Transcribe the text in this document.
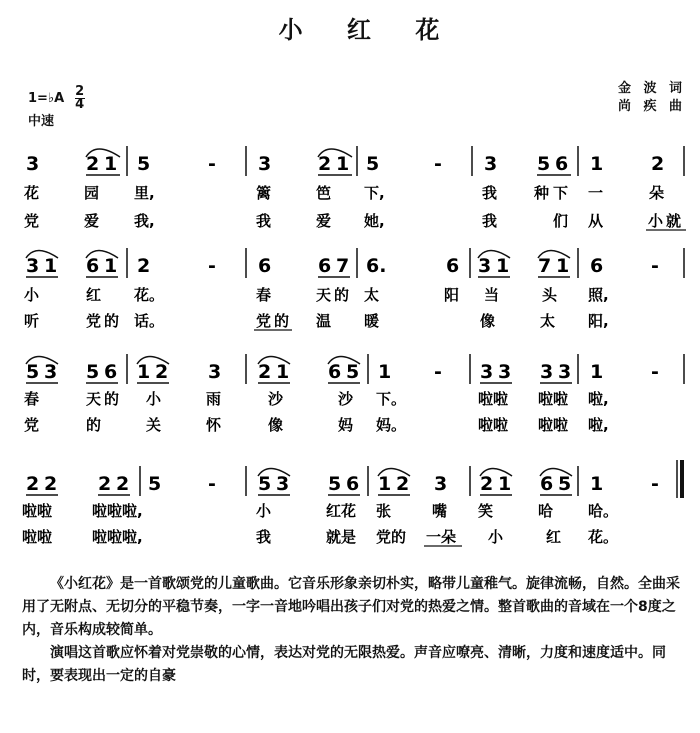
小 红 花
1=♭A $\frac{2}{4}$
中速
金 波 词
尚 疾 曲
3 2 1 5	- 3 2 1 5	- 3 5 6 1	2
花	园 里,	篱	笆 下,	我 种 下 一	朵
党	爱 我,	我	爱 她,	我	们 从	小 就
3 1 6 1 2	- 6 6 7 6.	6 3 1 7 1 6	-
小	红 花。	春	天 的 太	阳 当	头 照,
听	党 的 话。	党 的 温 暖	像	太 阳,
5 3 5 6 1 2 3 2 1 6 5 1 - 3 3 3 3 1	-
春	天 的 小	雨	沙	沙 下。	啦啦 啦啦 啦,
党	的	关	怀	像	妈 妈。	啦啦 啦啦 啦,
2 2 2 2 5 - 5 3 5 6 1 2 3 2 1 6 5 1	-
啦啦	啦啦啦,	小	红花 张	嘴 笑	哈 哈。
啦啦	啦啦啦,	我	就是 党的 一朵 小	红 花。

《小红花》是一首歌颂党的儿童歌曲。它音乐形象亲切朴实，略带儿童稚气。旋律流畅，自然。全曲采用了无附点、无切分的平稳节奏，一字一音地吟唱出孩子们对党的热爱之情。整首歌曲的音域在一个8度之内，音乐构成较简单。

演唱这首歌应怀着对党崇敬的心情，表达对党的无限热爱。声音应嘹亮、清晰，力度和速度适中。同时，要表现出一定的自豪
